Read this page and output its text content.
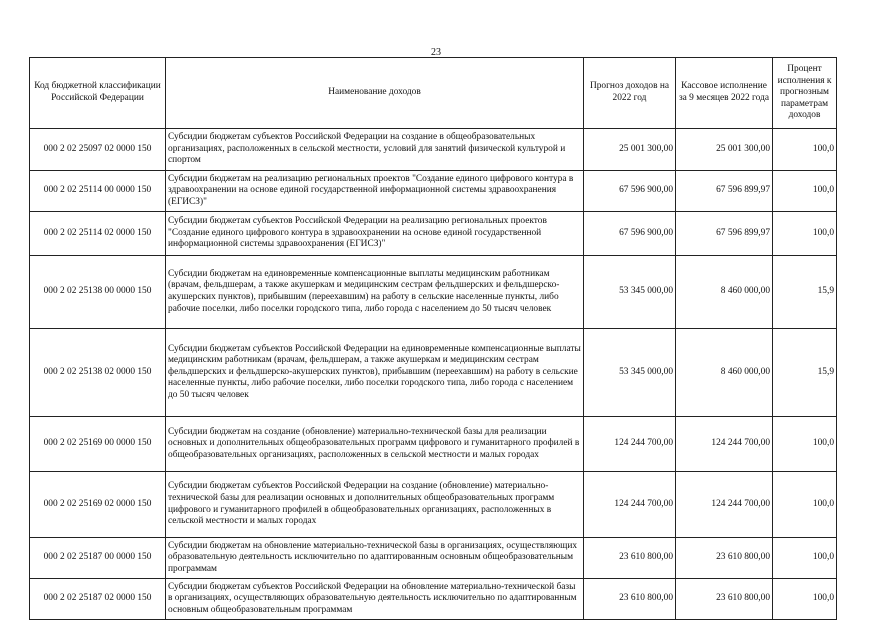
23
Код бюджетной классификации Российской Федерации	Наименование доходов	Прогноз доходов на 2022 год	Кассовое исполнение за 9 месяцев 2022 года	Процент исполнения к прогнозным параметрам доходов
000 2 02 25097 02 0000 150	Субсидии бюджетам субъектов Российской Федерации на создание в общеобразовательных организациях, расположенных в сельской местности, условий для занятий физической культурой и спортом	25 001 300,00	25 001 300,00	100,0
000 2 02 25114 00 0000 150	Субсидии бюджетам на реализацию региональных проектов "Создание единого цифрового контура в здравоохранении на основе единой государственной информационной системы здравоохранения (ЕГИСЗ)"	67 596 900,00	67 596 899,97	100,0
000 2 02 25114 02 0000 150	Субсидии бюджетам субъектов Российской Федерации на реализацию региональных проектов "Создание единого цифрового контура в здравоохранении на основе единой государственной информационной системы здравоохранения (ЕГИСЗ)"	67 596 900,00	67 596 899,97	100,0
000 2 02 25138 00 0000 150	Субсидии бюджетам на единовременные компенсационные выплаты медицинским работникам (врачам, фельдшерам, а также акушеркам и медицинским сестрам фельдшерских и фельдшерско-акушерских пунктов), прибывшим (переехавшим) на работу в сельские населенные пункты, либо рабочие поселки, либо поселки городского типа, либо города с населением до 50 тысяч человек	53 345 000,00	8 460 000,00	15,9
000 2 02 25138 02 0000 150	Субсидии бюджетам субъектов Российской Федерации на единовременные компенсационные выплаты медицинским работникам (врачам, фельдшерам, а также акушеркам и медицинским сестрам фельдшерских и фельдшерско-акушерских пунктов), прибывшим (переехавшим) на работу в сельские населенные пункты, либо рабочие поселки, либо поселки городского типа, либо города с населением до 50 тысяч человек	53 345 000,00	8 460 000,00	15,9
000 2 02 25169 00 0000 150	Субсидии бюджетам на создание (обновление) материально-технической базы для реализации основных и дополнительных общеобразовательных программ цифрового и гуманитарного профилей в общеобразовательных организациях, расположенных в сельской местности и малых городах	124 244 700,00	124 244 700,00	100,0
000 2 02 25169 02 0000 150	Субсидии бюджетам субъектов Российской Федерации на создание (обновление) материально-технической базы для реализации основных и дополнительных общеобразовательных программ цифрового и гуманитарного профилей в общеобразовательных организациях, расположенных в сельской местности и малых городах	124 244 700,00	124 244 700,00	100,0
000 2 02 25187 00 0000 150	Субсидии бюджетам на обновление материально-технической базы в организациях, осуществляющих образовательную деятельность исключительно по адаптированным основным общеобразовательным программам	23 610 800,00	23 610 800,00	100,0
000 2 02 25187 02 0000 150	Субсидии бюджетам субъектов Российской Федерации на обновление материально-технической базы в организациях, осуществляющих образовательную деятельность исключительно по адаптированным основным общеобразовательным программам	23 610 800,00	23 610 800,00	100,0
